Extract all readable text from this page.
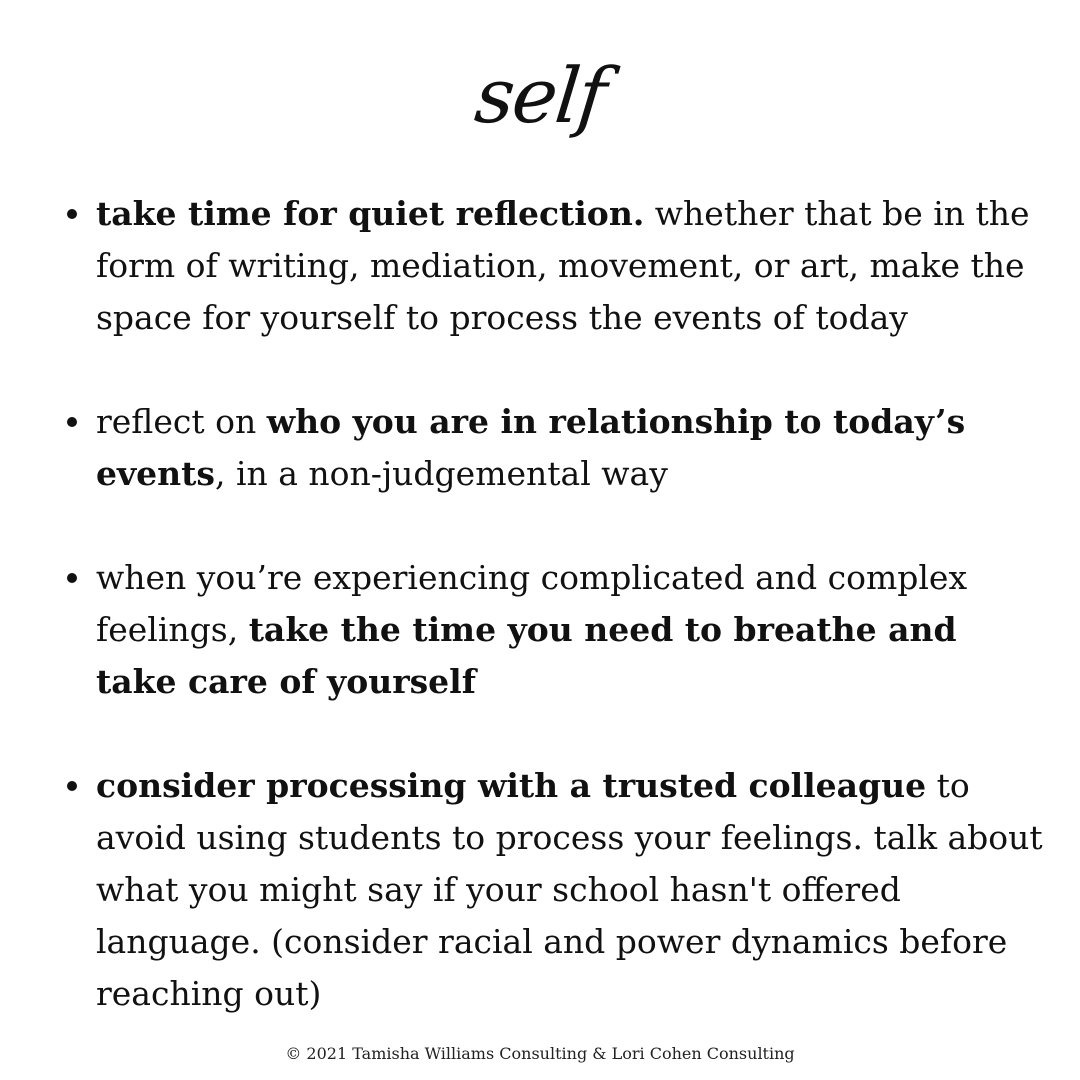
self
take time for quiet reflection. whether that be in the form of writing, mediation, movement, or art, make the space for yourself to process the events of today
reflect on who you are in relationship to today’s events, in a non-judgemental way
when you’re experiencing complicated and complex feelings, take the time you need to breathe and take care of yourself
consider processing with a trusted colleague to avoid using students to process your feelings. talk about what you might say if your school hasn't offered language. (consider racial and power dynamics before reaching out)
© 2021 Tamisha Williams Consulting & Lori Cohen Consulting
